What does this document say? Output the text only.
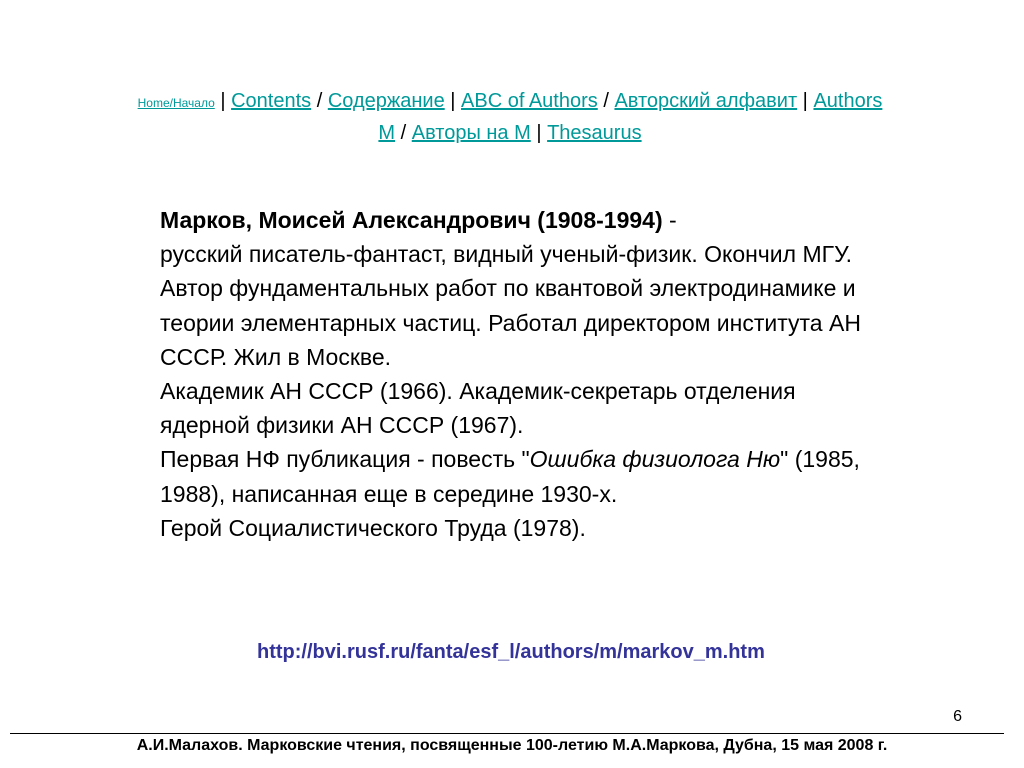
Home/Начало | Contents / Содержание | ABC of Authors / Авторский алфавит | Authors M / Авторы на М | Thesaurus

Марков, Моисей Александрович (1908-1994) -

русский писатель-фантаст, видный ученый-физик. Окончил МГУ. Автор фундаментальных работ по квантовой электродинамике и теории элементарных частиц. Работал директором института АН СССР. Жил в Москве.

Академик АН СССР (1966). Академик-секретарь отделения ядерной физики АН СССР (1967).

Первая НФ публикация - повесть "Ошибка физиолога Ню" (1985, 1988), написанная еще в середине 1930-х.

Герой Социалистического Труда (1978).

http://bvi.rusf.ru/fanta/esf_l/authors/m/markov_m.htm
6
А.И.Малахов. Марковские чтения, посвященные 100-летию М.А.Маркова, Дубна, 15 мая 2008 г.
